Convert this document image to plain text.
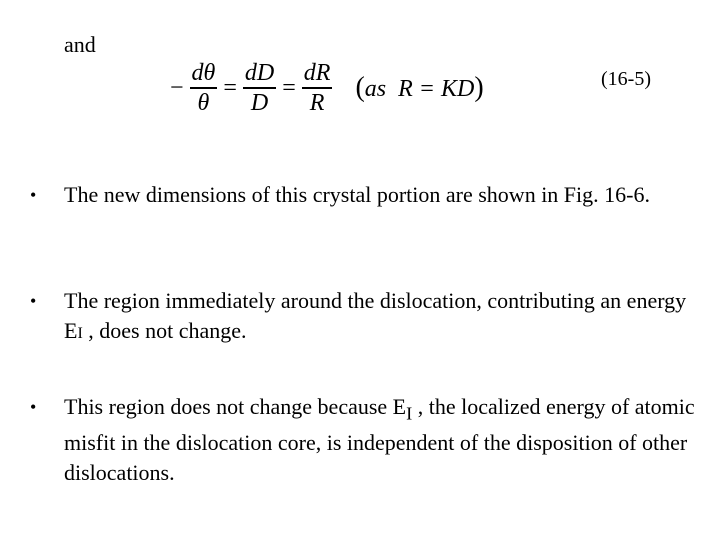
and
− $\frac{d\theta}{\theta} = \frac{dD}{D} = \frac{dR}{R} (as$  R = KD)	(16-5)
• The new dimensions of this crystal portion are shown in Fig. 16-6.
• The region immediately around the dislocation, contributing an energy EI , does not change.
• This region does not change because $E_I$ , the localized energy of atomic misfit in the dislocation core, is independent of the disposition of other dislocations.
